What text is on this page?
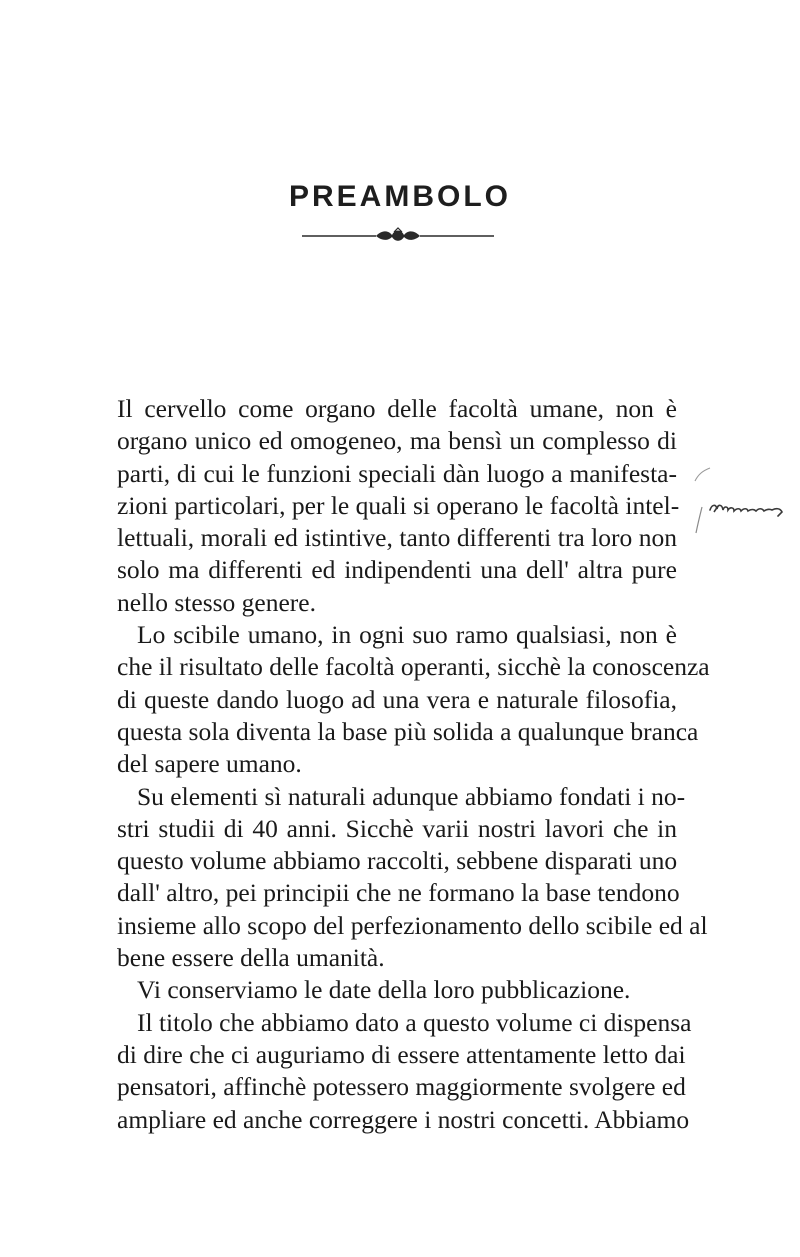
PREAMBOLO
Il cervello come organo delle facoltà umane, non è
organo unico ed omogeneo, ma bensì un complesso di
parti, di cui le funzioni speciali dàn luogo a manifesta-
zioni particolari, per le quali si operano le facoltà intel-
lettuali, morali ed istintive, tanto differenti tra loro non
solo ma differenti ed indipendenti una dell' altra pure
nello stesso genere.
Lo scibile umano, in ogni suo ramo qualsiasi, non è
che il risultato delle facoltà operanti, sicchè la conoscenza
di queste dando luogo ad una vera e naturale filosofia,
questa sola diventa la base più solida a qualunque branca
del sapere umano.
Su elementi sì naturali adunque abbiamo fondati i no-
stri studii di 40 anni. Sicchè varii nostri lavori che in
questo volume abbiamo raccolti, sebbene disparati uno
dall' altro, pei principii che ne formano la base tendono
insieme allo scopo del perfezionamento dello scibile ed al
bene essere della umanità.
Vi conserviamo le date della loro pubblicazione.
Il titolo che abbiamo dato a questo volume ci dispensa
di dire che ci auguriamo di essere attentamente letto dai
pensatori, affinchè potessero maggiormente svolgere ed
ampliare ed anche correggere i nostri concetti. Abbiamo
